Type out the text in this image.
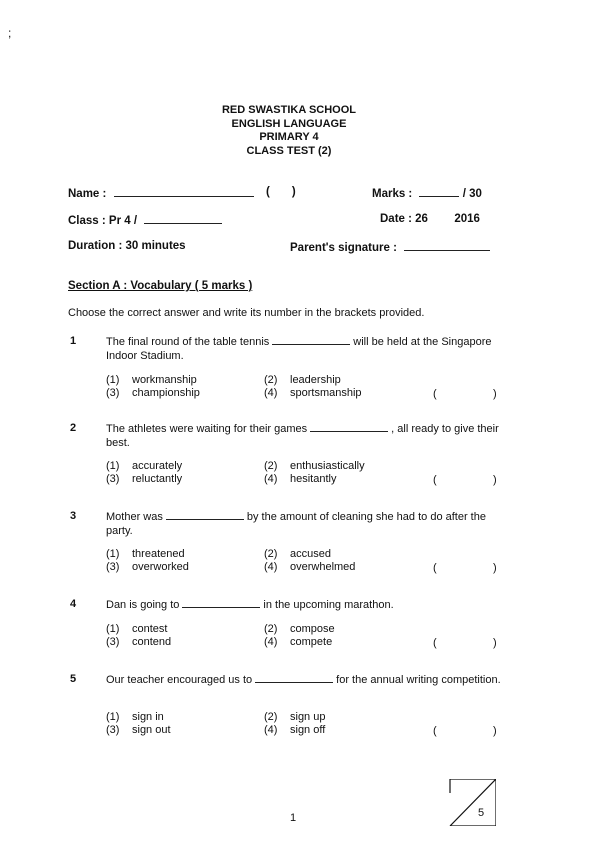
;
RED SWASTIKA SCHOOL
ENGLISH LANGUAGE
PRIMARY 4
CLASS TEST (2)
Name :	( )	Marks :	/ 30
Class : Pr 4 /	Date : 26 2016
Duration : 30 minutes	Parent's signature :
Section A : Vocabulary ( 5 marks )
Choose the correct answer and write its number in the brackets provided.
1	The final round of the table tennis	will be held at the Singapore Indoor Stadium.
(1) workmanship	(2) leadership
(3) championship	(4) sportsmanship	(	)
2	The athletes were waiting for their games	, all ready to give their best.
(1) accurately	(2) enthusiastically
(3) reluctantly	(4) hesitantly	(	)
3	Mother was	by the amount of cleaning she had to do after the party.
(1) threatened	(2) accused
(3) overworked	(4) overwhelmed	(	)
4	Dan is going to	in the upcoming marathon.
(1) contest	(2) compose
(3) contend	(4) compete	(	)
5	Our teacher encouraged us to	for the annual writing competition.
(1) sign in	(2) sign up
(3) sign out	(4) sign off	(	)
1	5
